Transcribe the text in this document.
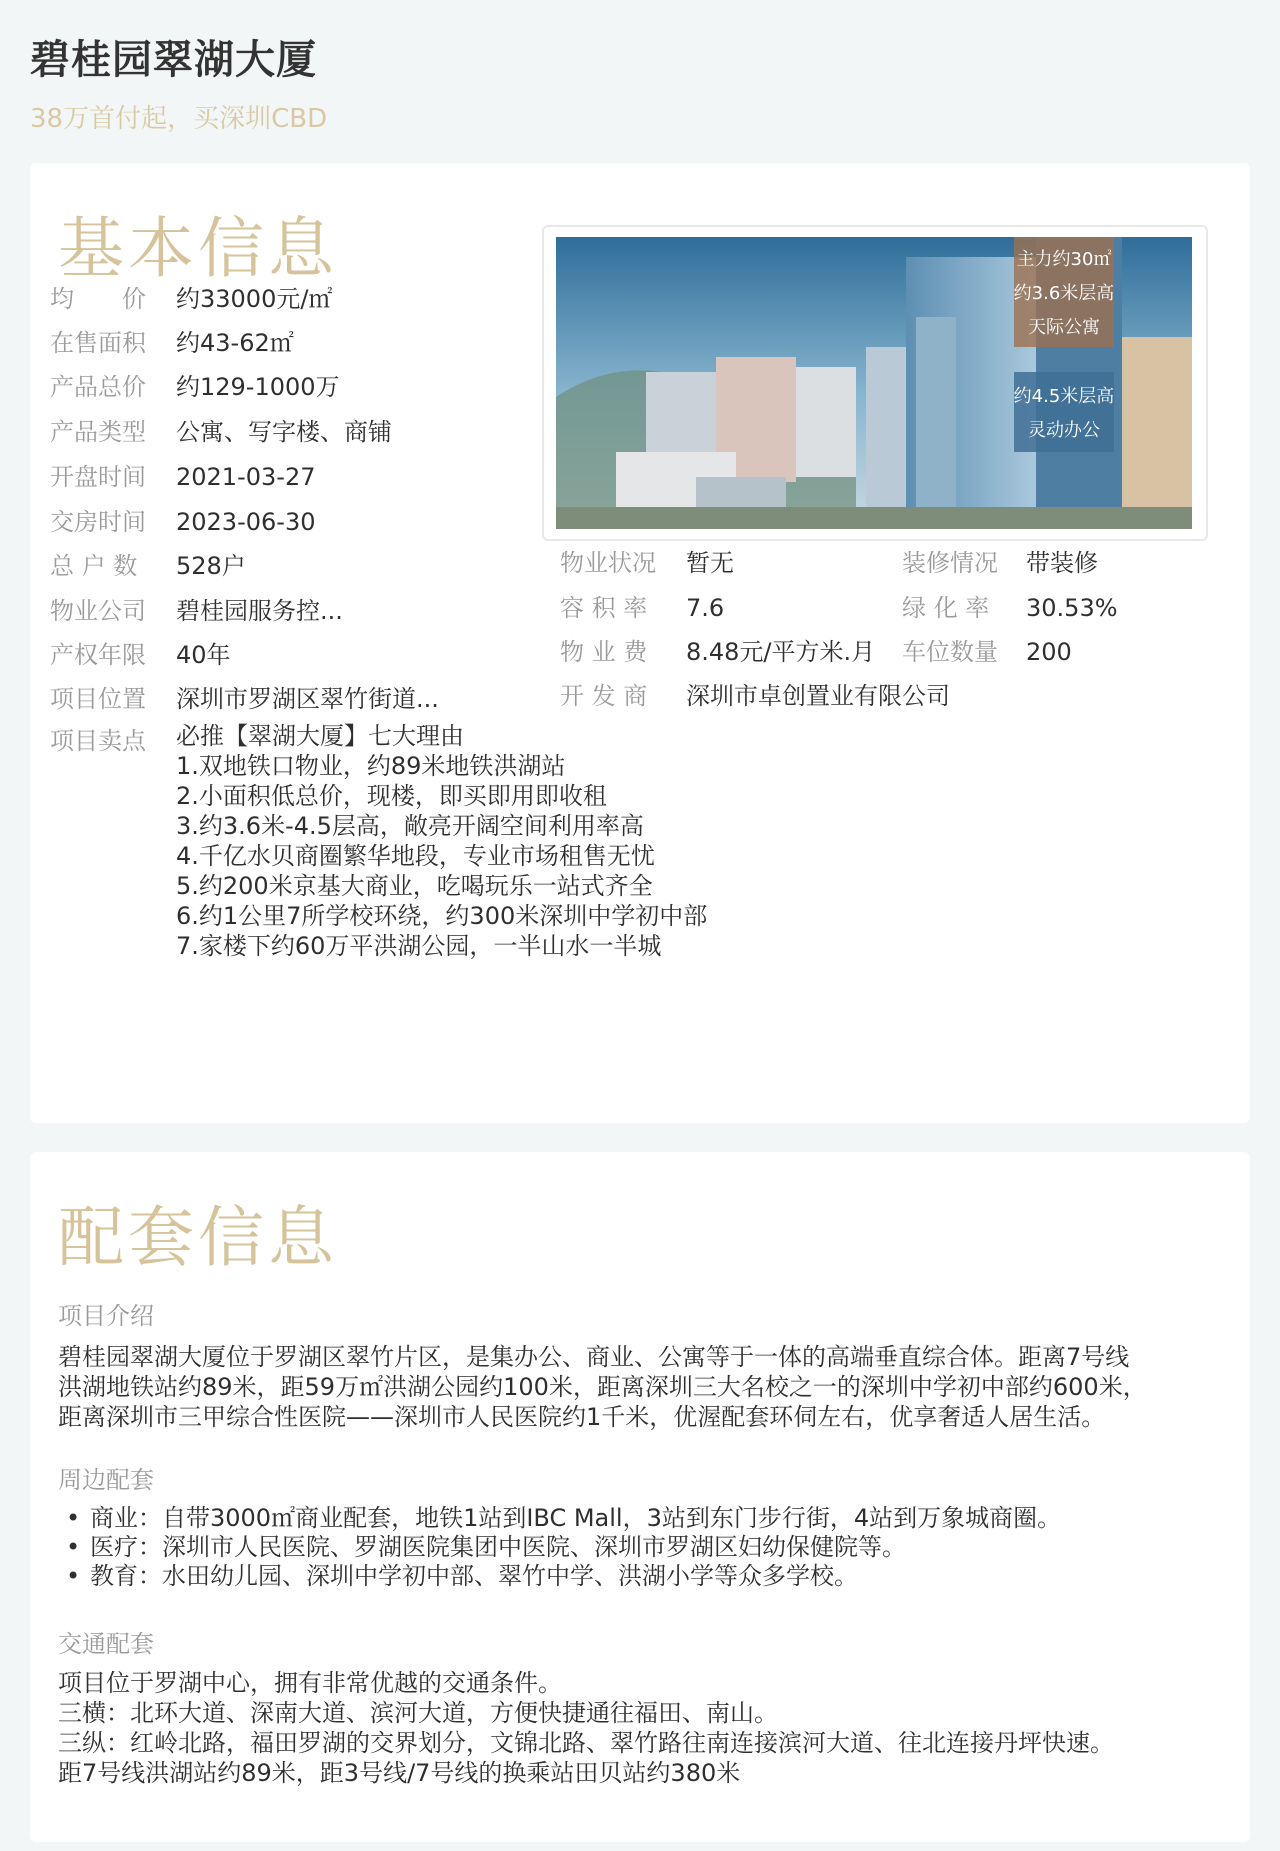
碧桂园翠湖大厦
38万首付起，买深圳CBD
基本信息
均　　价 约33000元/㎡
在售面积 约43-62㎡
产品总价 约129-1000万
产品类型 公寓、写字楼、商铺
开盘时间 2021-03-27
交房时间 2023-06-30
总 户 数 528户
物业公司 碧桂园服务控...
产权年限 40年
项目位置 深圳市罗湖区翠竹街道...
物业状况 暂无
容 积 率 7.6
物 业 费 8.48元/平方米.月
开 发 商 深圳市卓创置业有限公司
装修情况 带装修
绿 化 率 30.53%
车位数量 200
主力约30㎡
约3.6米层高
天际公寓
约4.5米层高
灵动办公
项目卖点	必推【翠湖大厦】七大理由
1.双地铁口物业，约89米地铁洪湖站
2.小面积低总价，现楼，即买即用即收租
3.约3.6米-4.5层高，敞亮开阔空间利用率高
4.千亿水贝商圈繁华地段，专业市场租售无忧
5.约200米京基大商业，吃喝玩乐一站式齐全
6.约1公里7所学校环绕，约300米深圳中学初中部
7.家楼下约60万平洪湖公园，一半山水一半城
配套信息
项目介绍
碧桂园翠湖大厦位于罗湖区翠竹片区，是集办公、商业、公寓等于一体的高端垂直综合体。距离7号线
洪湖地铁站约89米，距59万㎡洪湖公园约100米，距离深圳三大名校之一的深圳中学初中部约600米，
距离深圳市三甲综合性医院——深圳市人民医院约1千米，优渥配套环伺左右，优享奢适人居生活。
周边配套
• 商业：自带3000㎡商业配套，地铁1站到IBC Mall，3站到东门步行街，4站到万象城商圈。
• 医疗：深圳市人民医院、罗湖医院集团中医院、深圳市罗湖区妇幼保健院等。
• 教育：水田幼儿园、深圳中学初中部、翠竹中学、洪湖小学等众多学校。
交通配套
项目位于罗湖中心，拥有非常优越的交通条件。
三横：北环大道、深南大道、滨河大道，方便快捷通往福田、南山。
三纵：红岭北路，福田罗湖的交界划分，文锦北路、翠竹路往南连接滨河大道、往北连接丹坪快速。
距7号线洪湖站约89米，距3号线/7号线的换乘站田贝站约380米
